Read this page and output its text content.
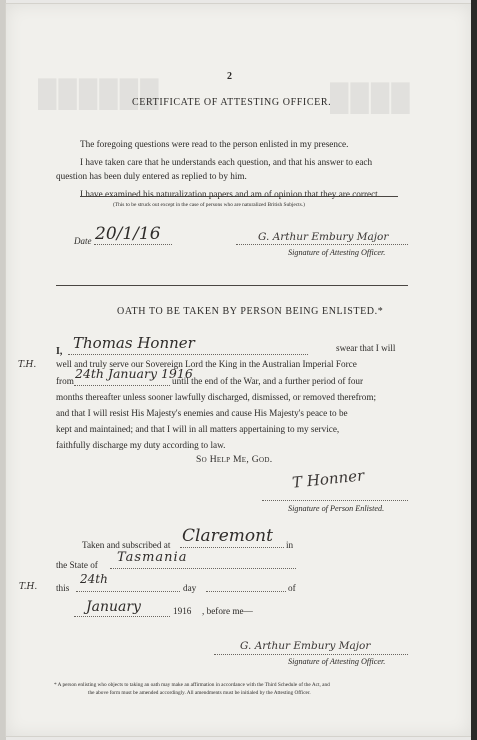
██████	████
2
CERTIFICATE OF ATTESTING OFFICER.
The foregoing questions were read to the person enlisted in my presence.
I have taken care that he understands each question, and that his answer to each
question has been duly entered as replied to by him.
I have examined his naturalization papers and am of opinion that they are correct.
(This to be struck out except in the case of persons who are naturalized British Subjects.)
Date 20/1/16	G. Arthur Embury Major
Signature of Attesting Officer.
OATH TO BE TAKEN BY PERSON BEING ENLISTED.*
I, Thomas Honner	swear that I will
T.H. well and truly serve our Sovereign Lord the King in the Australian Imperial Force
from 24th January 1916
until the end of the War, and a further period of four
months thereafter unless sooner lawfully discharged, dismissed, or removed therefrom;
and that I will resist His Majesty's enemies and cause His Majesty's peace to be
kept and maintained; and that I will in all matters appertaining to my service,
faithfully discharge my duty according to law.
So Help Me, God.
T Honner
Signature of Person Enlisted.
Taken and subscribed at Claremont in
the State of Tasmania
T.H. this
24th
day	of
January	1916 , before me—
G. Arthur Embury Major
Signature of Attesting Officer.
* A person enlisting who objects to taking an oath may make an affirmation in accordance with the Third Schedule of the Act, and
the above form must be amended accordingly. All amendments must be initialed by the Attesting Officer.
